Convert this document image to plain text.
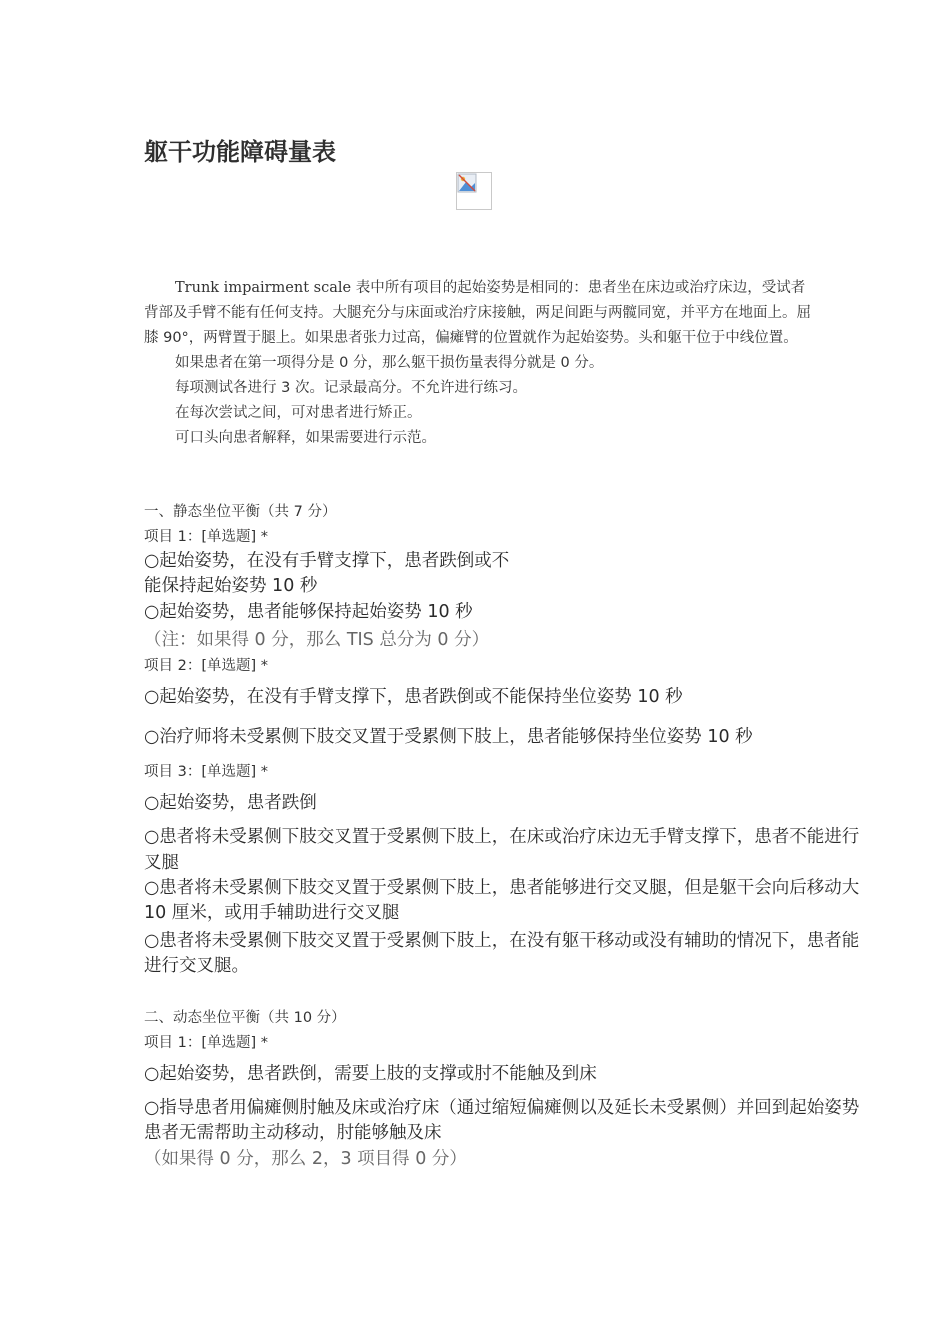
躯干功能障碍量表

Trunk impairment scale 表中所有项目的起始姿势是相同的：患者坐在床边或治疗床边，受试者背部及手臂不能有任何支持。大腿充分与床面或治疗床接触，两足间距与两髋同宽，并平方在地面上。屈膝 90°，两臂置于腿上。如果患者张力过高，偏瘫臂的位置就作为起始姿势。头和躯干位于中线位置。

如果患者在第一项得分是 0 分，那么躯干损伤量表得分就是 0 分。

每项测试各进行 3 次。记录最高分。不允许进行练习。

在每次尝试之间，可对患者进行矫正。

可口头向患者解释，如果需要进行示范。

一、静态坐位平衡（共 7 分）
项目 1：[单选题] *
○起始姿势，在没有手臂支撑下，患者跌倒或不
能保持起始姿势 10 秒
○起始姿势，患者能够保持起始姿势 10 秒
（注：如果得 0 分，那么 TIS 总分为 0 分）
项目 2：[单选题] *
○起始姿势，在没有手臂支撑下，患者跌倒或不能保持坐位姿势 10 秒
○治疗师将未受累侧下肢交叉置于受累侧下肢上，患者能够保持坐位姿势 10 秒
项目 3：[单选题] *
○起始姿势，患者跌倒
○患者将未受累侧下肢交叉置于受累侧下肢上，在床或治疗床边无手臂支撑下，患者不能进行
叉腿
○患者将未受累侧下肢交叉置于受累侧下肢上，患者能够进行交叉腿，但是躯干会向后移动大
10 厘米，或用手辅助进行交叉腿
○患者将未受累侧下肢交叉置于受累侧下肢上，在没有躯干移动或没有辅助的情况下，患者能
进行交叉腿。
二、动态坐位平衡（共 10 分）
项目 1：[单选题] *
○起始姿势，患者跌倒，需要上肢的支撑或肘不能触及到床
○指导患者用偏瘫侧肘触及床或治疗床（通过缩短偏瘫侧以及延长未受累侧）并回到起始姿势
患者无需帮助主动移动，肘能够触及床
（如果得 0 分，那么 2，3 项目得 0 分）
